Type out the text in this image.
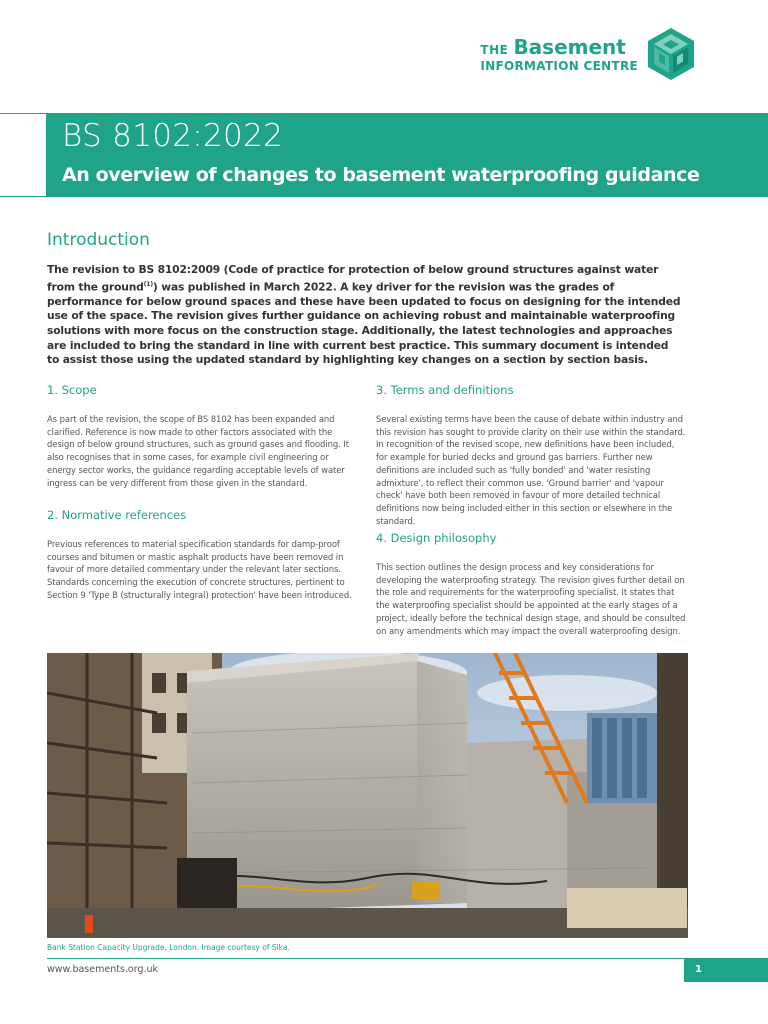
THE Basement
INFORMATION CENTRE
BS 8102:2022
An overview of changes to basement waterproofing guidance
Introduction
The revision to BS 8102:2009 (Code of practice for protection of below ground structures against water from the ground$^{(1)}$) was published in March 2022. A key driver for the revision was the grades of performance for below ground spaces and these have been updated to focus on designing for the intended use of the space. The revision gives further guidance on achieving robust and maintainable waterproofing solutions with more focus on the construction stage. Additionally, the latest technologies and approaches are included to bring the standard in line with current best practice. This summary document is intended to assist those using the updated standard by highlighting key changes on a section by section basis.
1. Scope
As part of the revision, the scope of BS 8102 has been expanded and clarified. Reference is now made to other factors associated with the design of below ground structures, such as ground gases and flooding. It also recognises that in some cases, for example civil engineering or energy sector works, the guidance regarding acceptable levels of water ingress can be very different from those given in the standard.
2. Normative references
Previous references to material specification standards for damp-proof courses and bitumen or mastic asphalt products have been removed in favour of more detailed commentary under the relevant later sections. Standards concerning the execution of concrete structures, pertinent to Section 9 'Type B (structurally integral) protection' have been introduced.
3. Terms and definitions
Several existing terms have been the cause of debate within industry and this revision has sought to provide clarity on their use within the standard. In recognition of the revised scope, new definitions have been included, for example for buried decks and ground gas barriers. Further new definitions are included such as 'fully bonded' and 'water resisting admixture', to reflect their common use. 'Ground barrier' and 'vapour check' have both been removed in favour of more detailed technical definitions now being included either in this section or elsewhere in the standard.
4. Design philosophy
This section outlines the design process and key considerations for developing the waterproofing strategy. The revision gives further detail on the role and requirements for the waterproofing specialist. It states that the waterproofing specialist should be appointed at the early stages of a project, ideally before the technical design stage, and should be consulted on any amendments which may impact the overall waterproofing design.
Bank Station Capacity Upgrade, London. Image courtesy of Sika.
www.basements.org.uk	1
